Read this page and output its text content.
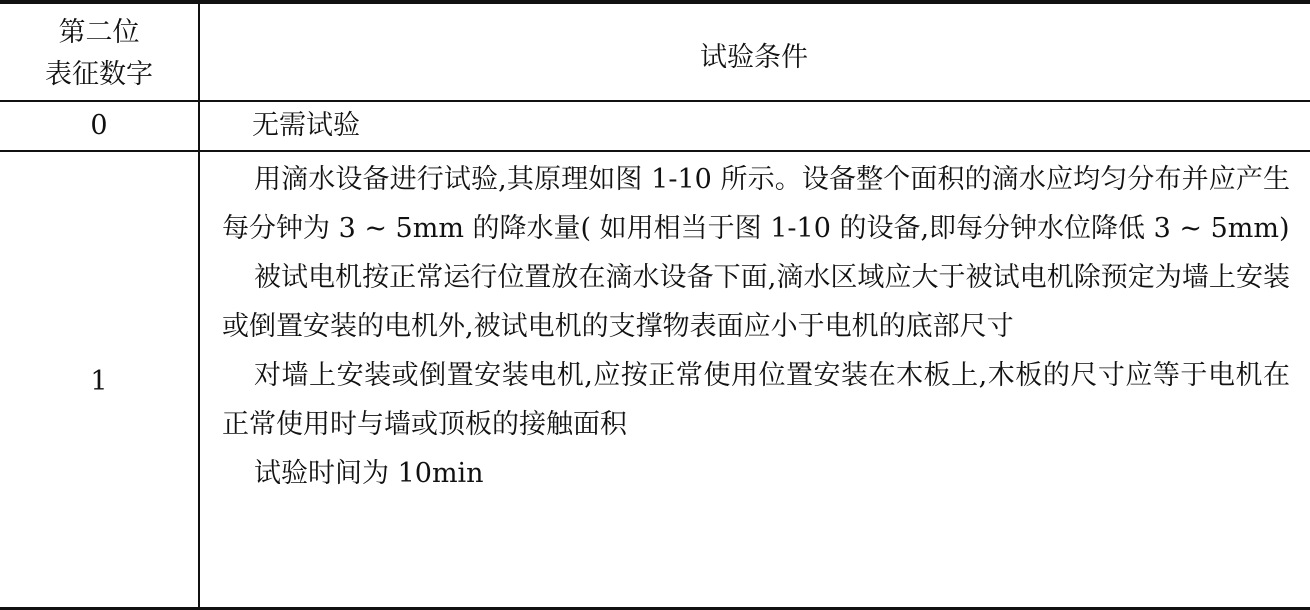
第二位
表征数字
试验条件
0	无需试验
1

用滴水设备进行试验,其原理如图 1-10 所示。设备整个面积的滴水应均匀分布并应产生每分钟为 3 ~ 5mm 的降水量( 如用相当于图 1-10 的设备,即每分钟水位降低 3 ~ 5mm)

被试电机按正常运行位置放在滴水设备下面,滴水区域应大于被试电机除预定为墙上安装或倒置安装的电机外,被试电机的支撑物表面应小于电机的底部尺寸

对墙上安装或倒置安装电机,应按正常使用位置安装在木板上,木板的尺寸应等于电机在正常使用时与墙或顶板的接触面积

试验时间为 10min
